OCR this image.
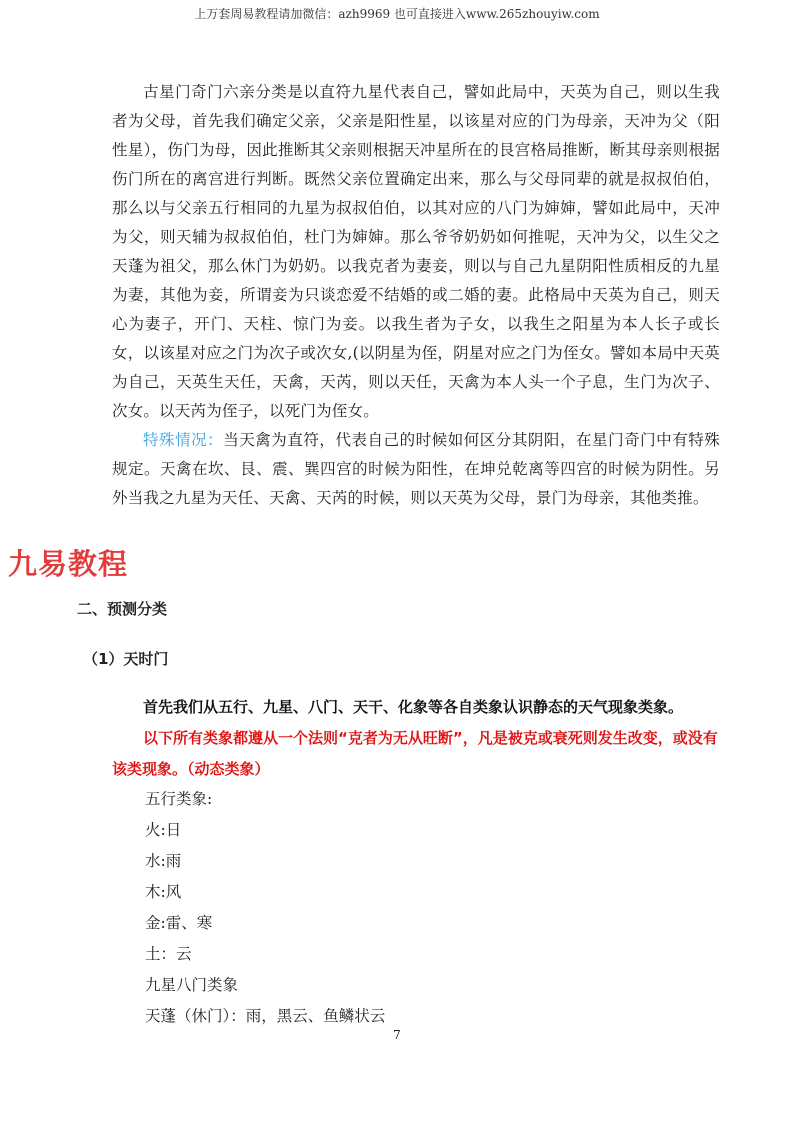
上万套周易教程请加微信：azh9969 也可直接进入www.265zhouyiw.com

古星门奇门六亲分类是以直符九星代表自己，譬如此局中，天英为自己，则以生我者为父母，首先我们确定父亲，父亲是阳性星，以该星对应的门为母亲，天冲为父（阳性星），伤门为母，因此推断其父亲则根据天冲星所在的艮宫格局推断，断其母亲则根据伤门所在的离宫进行判断。既然父亲位置确定出来，那么与父母同辈的就是叔叔伯伯，那么以与父亲五行相同的九星为叔叔伯伯，以其对应的八门为婶婶，譬如此局中，天冲为父，则天辅为叔叔伯伯，杜门为婶婶。那么爷爷奶奶如何推呢，天冲为父，以生父之天蓬为祖父，那么休门为奶奶。以我克者为妻妾，则以与自己九星阴阳性质相反的九星为妻，其他为妾，所谓妾为只谈恋爱不结婚的或二婚的妻。此格局中天英为自己，则天心为妻子，开门、天柱、惊门为妾。以我生者为子女，以我生之阳星为本人长子或长女，以该星对应之门为次子或次女,(以阴星为侄，阴星对应之门为侄女。譬如本局中天英为自己，天英生天任，天禽，天芮，则以天任，天禽为本人头一个子息，生门为次子、次女。以天芮为侄子，以死门为侄女。

特殊情况：当天禽为直符，代表自己的时候如何区分其阴阳，在星门奇门中有特殊规定。天禽在坎、艮、震、巽四宫的时候为阳性，在坤兑乾离等四宫的时候为阴性。另外当我之九星为天任、天禽、天芮的时候，则以天英为父母，景门为母亲，其他类推。

九易教程
二、预测分类
（1）天时门
首先我们从五行、九星、八门、天干、化象等各自类象认识静态的天气现象类象。
以下所有类象都遵从一个法则“克者为无从旺断”，凡是被克或衰死则发生改变，或没有该类现象。（动态类象）
五行类象:
火:日
水:雨
木:风
金:雷、寒
土：云
九星八门类象
天蓬（休门）：雨，黑云、鱼鳞状云
7
